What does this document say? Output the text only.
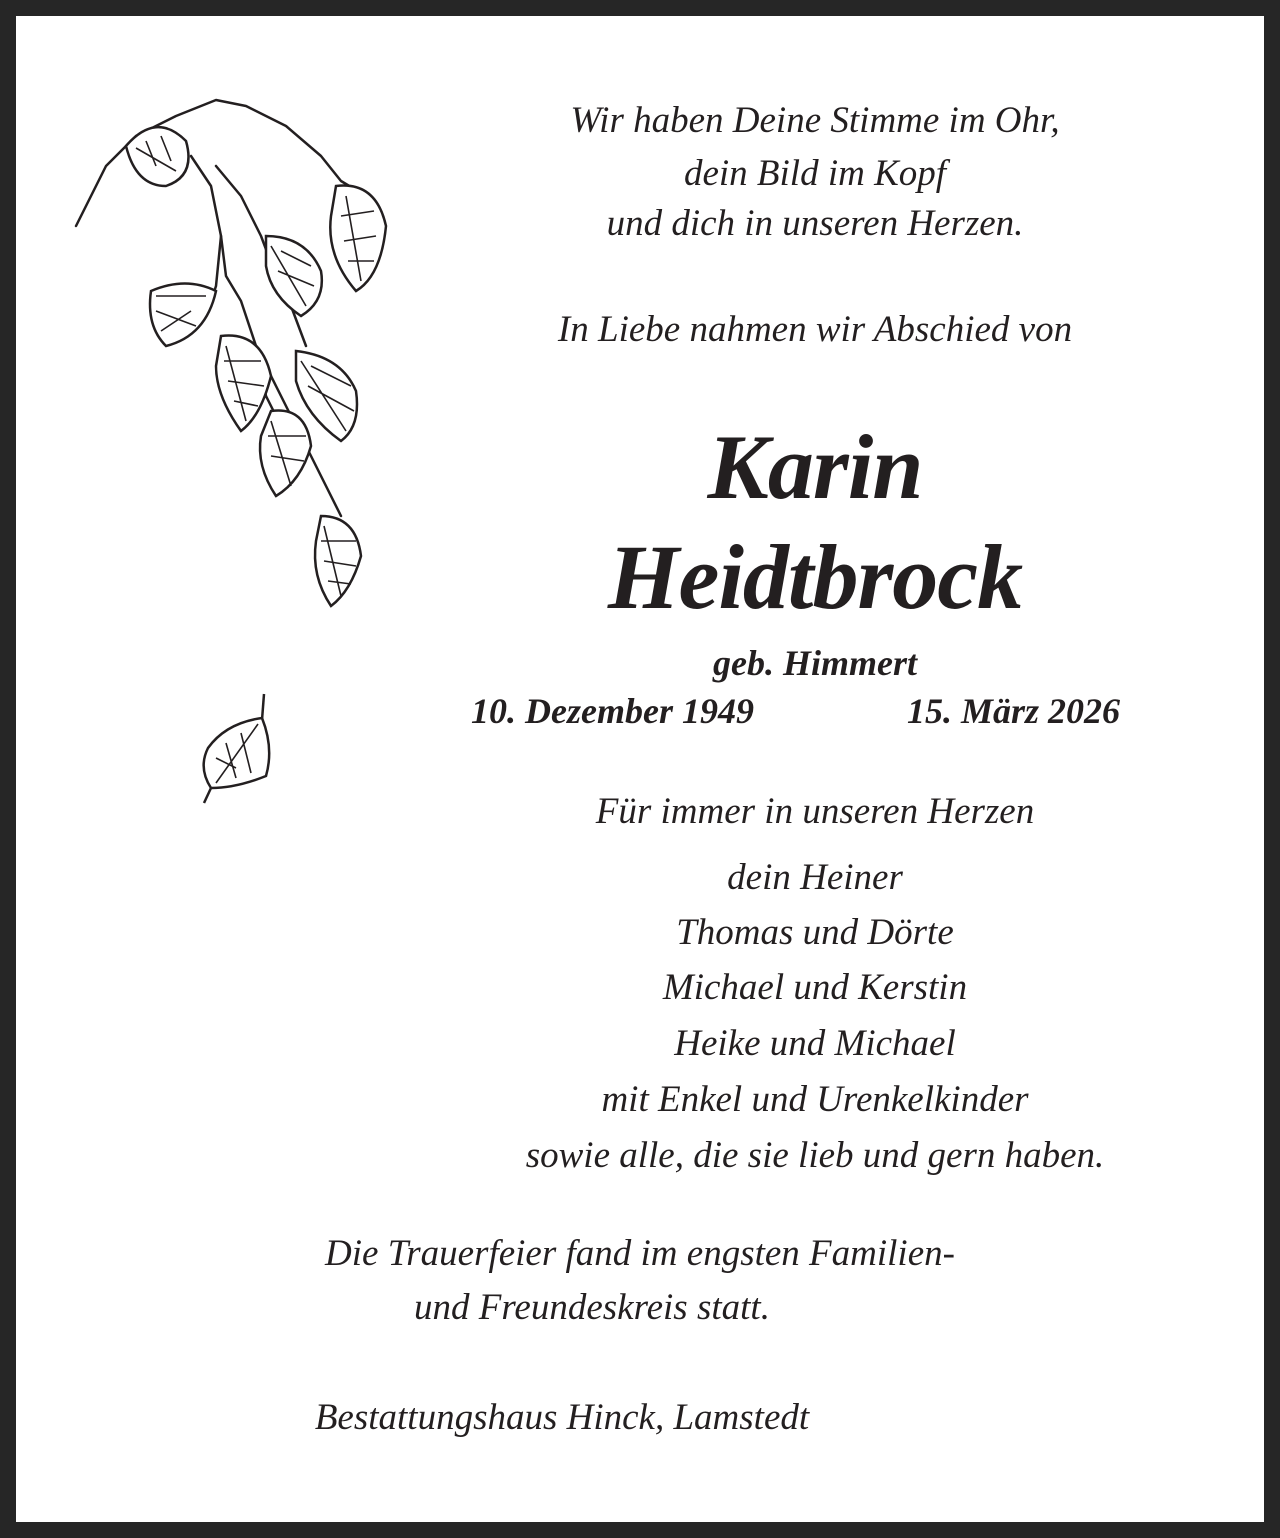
Wir haben Deine Stimme im Ohr,
dein Bild im Kopf
und dich in unseren Herzen.
In Liebe nahmen wir Abschied von
Karin
Heidtbrock
geb. Himmert
10. Dezember 1949	15. März 2026
Für immer in unseren Herzen
dein Heiner
Thomas und Dörte
Michael und Kerstin
Heike und Michael
mit Enkel und Urenkelkinder
sowie alle, die sie lieb und gern haben.
Die Trauerfeier fand im engsten Familien-
und Freundeskreis statt.
Bestattungshaus Hinck, Lamstedt
